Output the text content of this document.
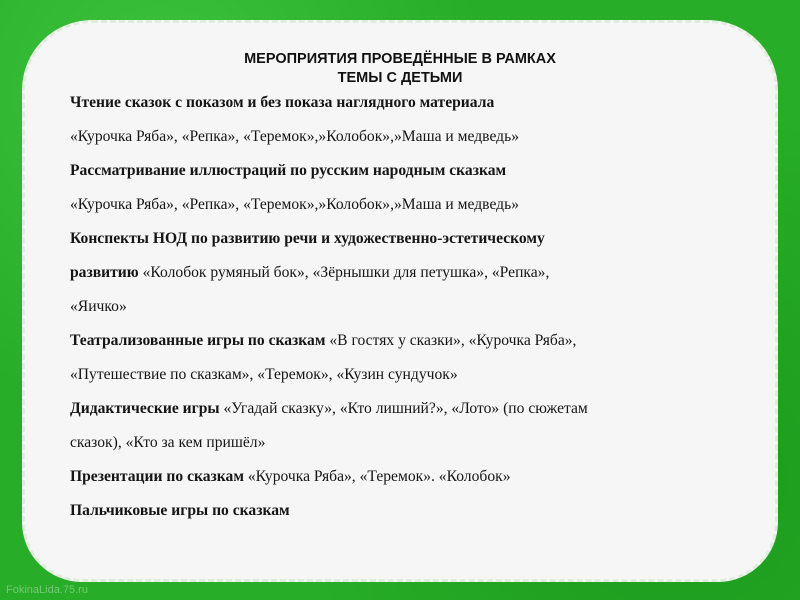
МЕРОПРИЯТИЯ ПРОВЕДЁННЫЕ В РАМКАХ
ТЕМЫ С ДЕТЬМИ
Чтение сказок с показом и без показа наглядного материала
«Курочка Ряба», «Репка», «Теремок»,»Колобок»,»Маша и медведь»
Рассматривание иллюстраций по русским народным сказкам
«Курочка Ряба», «Репка», «Теремок»,»Колобок»,»Маша и медведь»
Конспекты НОД по развитию речи и художественно-эстетическому
развитию «Колобок румяный бок», «Зёрнышки для петушка», «Репка»,
«Яичко»
Театрализованные игры по сказкам «В гостях у сказки», «Курочка Ряба»,
«Путешествие по сказкам», «Теремок», «Кузин сундучок»
Дидактические игры «Угадай сказку», «Кто лишний?», «Лото» (по сюжетам
сказок), «Кто за кем пришёл»
Презентации по сказкам «Курочка Ряба», «Теремок». «Колобок»
Пальчиковые игры по сказкам
FokinaLida.75.ru
